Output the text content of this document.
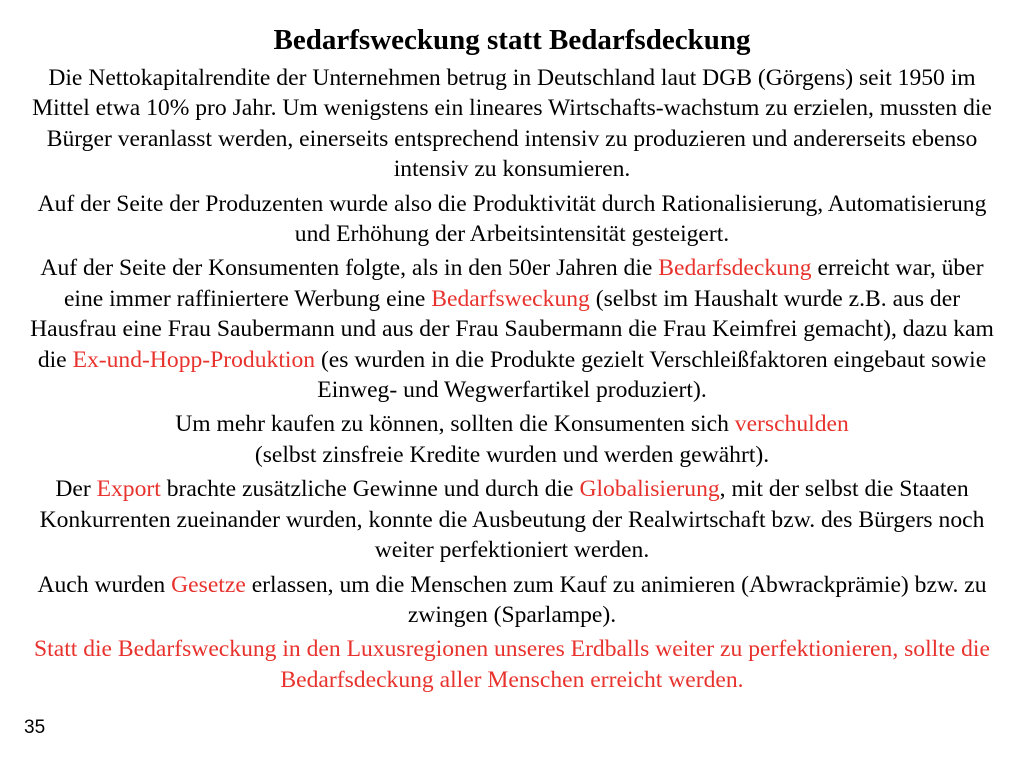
Bedarfsweckung statt Bedarfsdeckung

Die Nettokapitalrendite der Unternehmen betrug in Deutschland laut DGB (Görgens) seit 1950 im Mittel etwa 10% pro Jahr. Um wenigstens ein lineares Wirtschafts-wachstum zu erzielen, mussten die Bürger veranlasst werden, einerseits entsprechend intensiv zu produzieren und andererseits ebenso intensiv zu konsumieren.

Auf der Seite der Produzenten wurde also die Produktivität durch Rationalisierung, Automatisierung und Erhöhung der Arbeitsintensität gesteigert.

Auf der Seite der Konsumenten folgte, als in den 50er Jahren die Bedarfsdeckung erreicht war, über eine immer raffiniertere Werbung eine Bedarfsweckung (selbst im Haushalt wurde z.B. aus der Hausfrau eine Frau Saubermann und aus der Frau Saubermann die Frau Keimfrei gemacht), dazu kam die Ex-und-Hopp-Produktion (es wurden in die Produkte gezielt Verschleißfaktoren eingebaut sowie Einweg- und Wegwerfartikel produziert).

Um mehr kaufen zu können, sollten die Konsumenten sich verschulden
(selbst zinsfreie Kredite wurden und werden gewährt).

Der Export brachte zusätzliche Gewinne und durch die Globalisierung, mit der selbst die Staaten Konkurrenten zueinander wurden, konnte die Ausbeutung der Realwirtschaft bzw. des Bürgers noch weiter perfektioniert werden.

Auch wurden Gesetze erlassen, um die Menschen zum Kauf zu animieren (Abwrackprämie) bzw. zu zwingen (Sparlampe).

Statt die Bedarfsweckung in den Luxusregionen unseres Erdballs weiter zu perfektionieren, sollte die Bedarfsdeckung aller Menschen erreicht werden.

35
